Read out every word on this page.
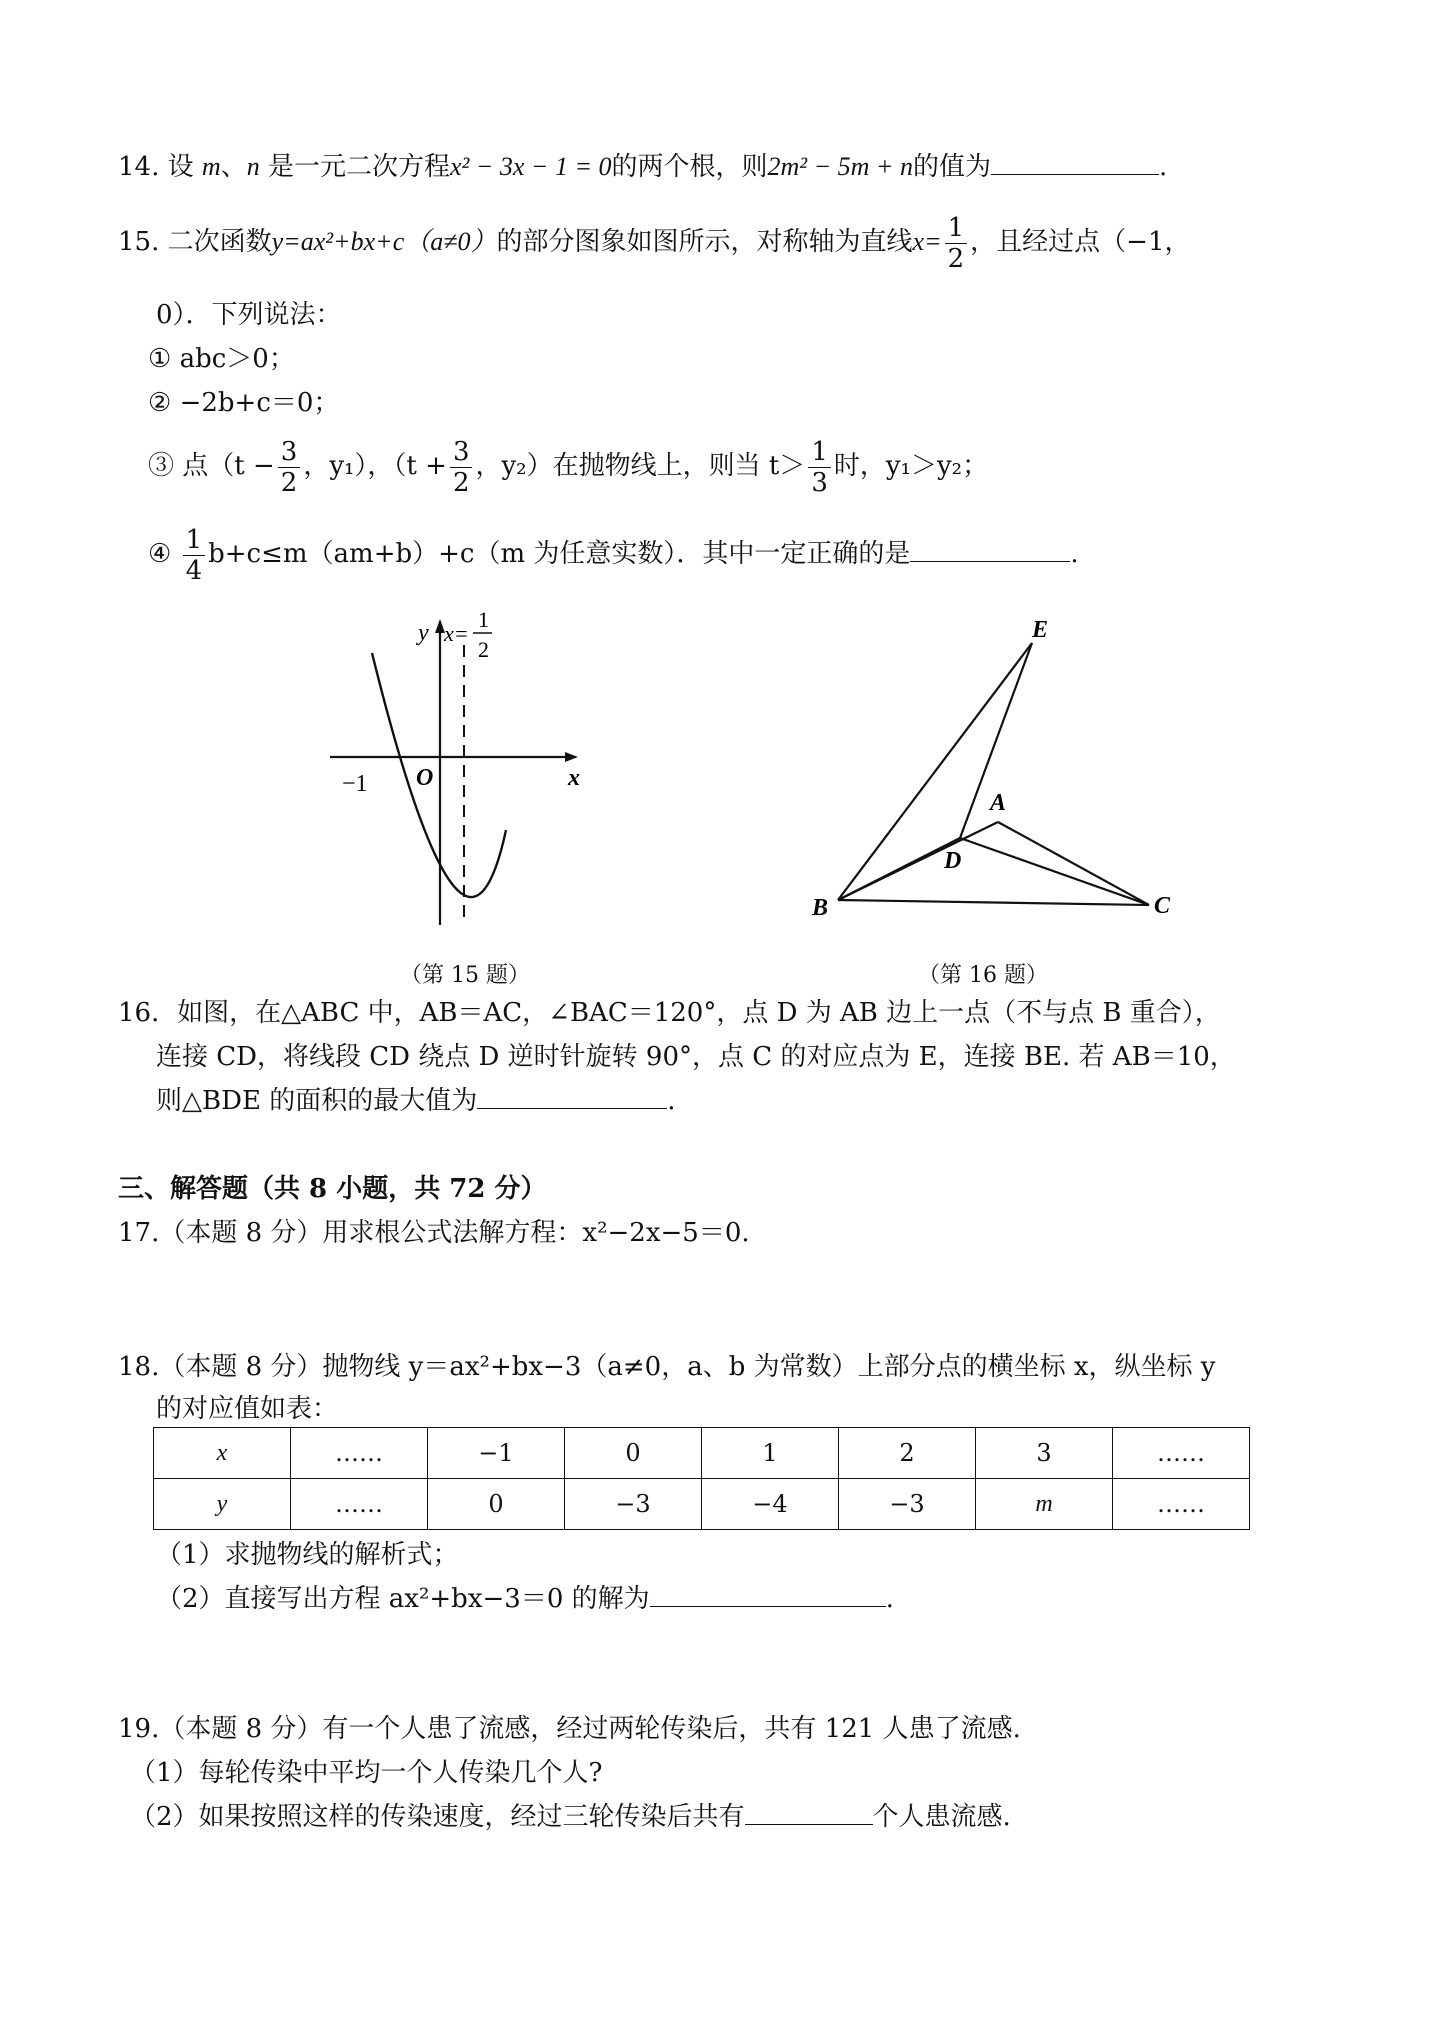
14. 设 m、n 是一元二次方程x² − 3x − 1 = 0的两个根，则2m² − 5m + n的值为	.
15. 二次函数y=ax²+bx+c（a≠0）的部分图象如图所示，对称轴为直线$x= \frac{1}{2}$ ，且经过点（−1，
0）．下列说法：
① abc＞0；
② −2b+c＝0；
③ 点（$t - \frac{3}{2}$ ，y₁），（$t + \frac{3}{2}$ ，y₂）在抛物线上，则当 $t> \frac{1}{3}$ 时，y₁＞y₂；
④ $\frac{1}{4} b+c\le m(am+b)+c(m$ 为任意实数）．其中一定正确的是	.
y
x
O
−1
x=
1
2
（第 15 题）
E
A
D
B	C
（第 16 题）
16．如图，在△ABC 中，AB＝AC，∠BAC＝120°，点 D 为 AB 边上一点（不与点 B 重合），
连接 CD，将线段 CD 绕点 D 逆时针旋转 90°，点 C 的对应点为 E，连接 BE. 若 AB＝10，
则△BDE 的面积的最大值为	.
三、解答题（共 8 小题，共 72 分）
17.（本题 8 分）用求根公式法解方程：x²−2x−5＝0.
18.（本题 8 分）抛物线 y＝ax²+bx−3（a≠0，a、b 为常数）上部分点的横坐标 x，纵坐标 y
的对应值如表：
x	……	−1	0	1	2	3	……
y	……	0	−3	−4	−3	m	……
（1）求抛物线的解析式；
（2）直接写出方程 ax²+bx−3＝0 的解为	.
19.（本题 8 分）有一个人患了流感，经过两轮传染后，共有 121 人患了流感.
（1）每轮传染中平均一个人传染几个人?
（2）如果按照这样的传染速度，经过三轮传染后共有	个人患流感.
